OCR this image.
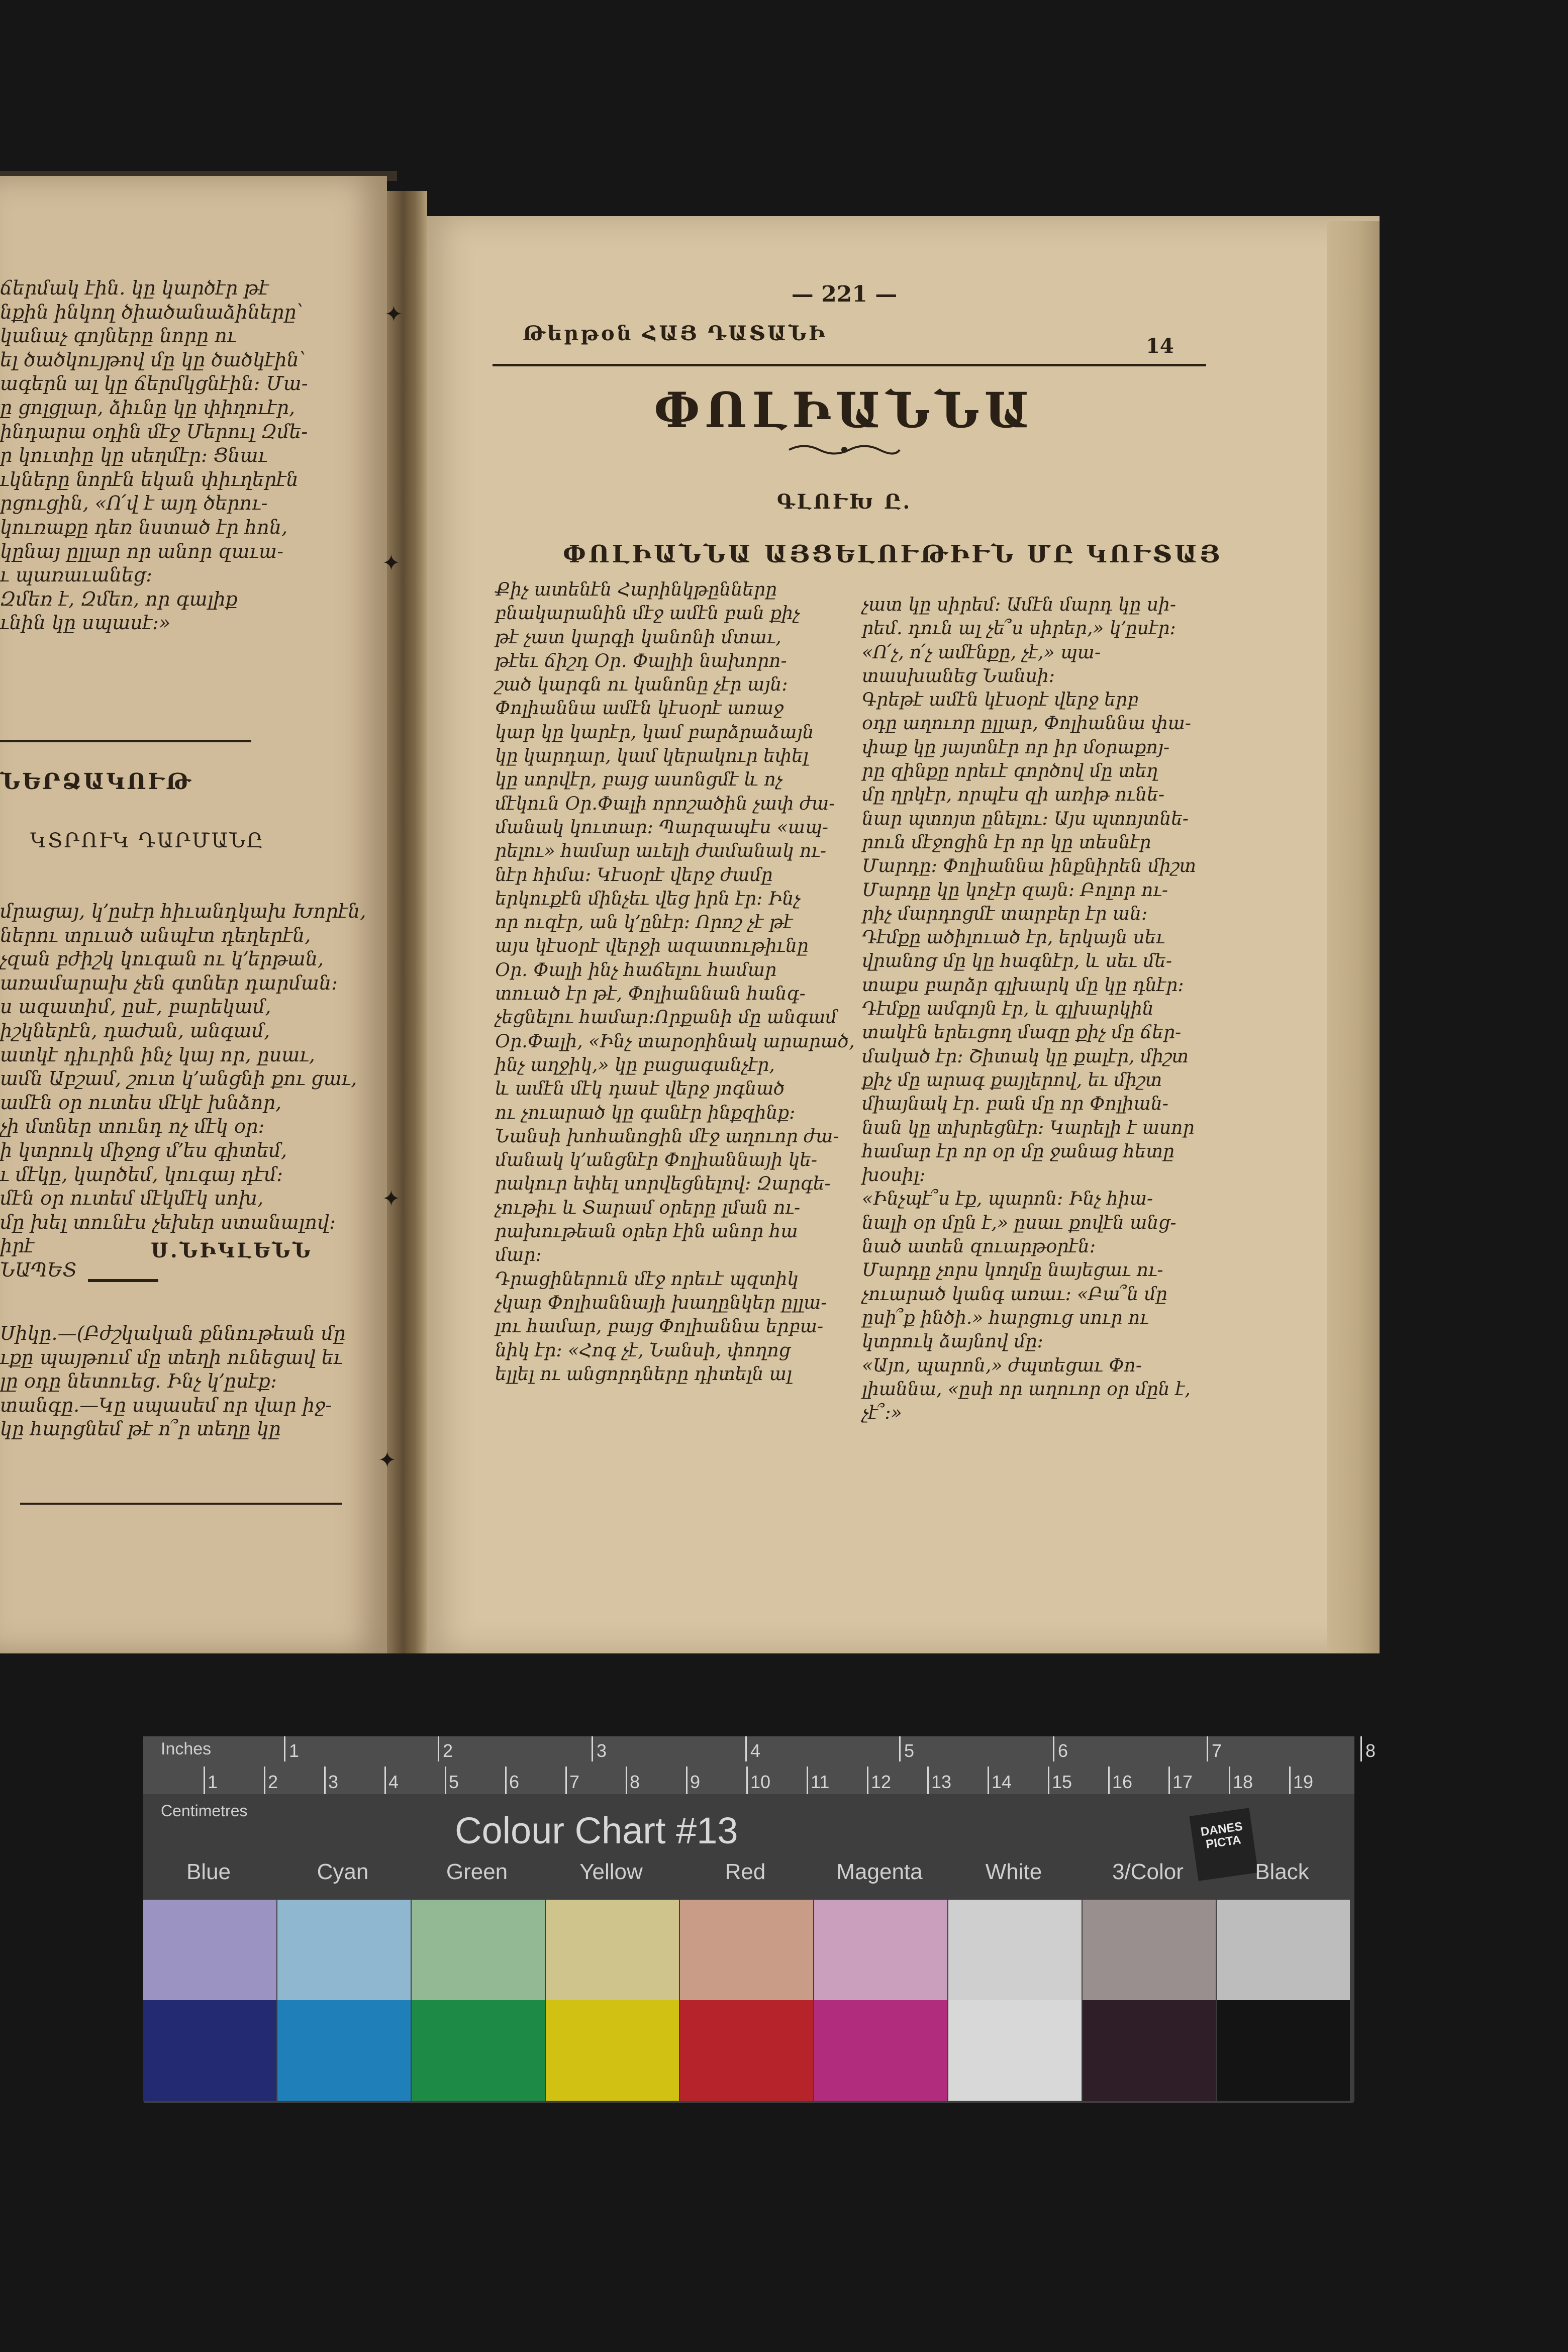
ճերմակ էին. կը կարծէր թէ
նքին ինկող ծիածանաձիները՝
կանաչ գոյները նորը ու
ել ծածկույթով մը կը ծածկէին՝
ագերն ալ կը ճերմկցնէին։ Մա-
ը ցոլցլար, ձիւնը կը փիղուէր,
ինդարա օդին մէջ Մերուլ Զմե-
ր կուտիը կը սեղմէր։ Ցնաւ
ւկները նորէն եկան փիւղերէն
րցուցին, «Ո՛վ է այդ ծերու-
կուռաքը դեռ նստած էր հոն,
կընայ ըլլար որ անոր զաւա-
ւ պառաւանեց։
Զմեռ է, Զմեռ, որ գալիք
ւնին կը սպասէ։»
ՆԵՐՁԱԿՈՒԹ
ԿՏՐՈՒԿ ԴԱՐՄԱՆԸ
մրացայ, կ՚ըսէր հիւանդկախ Խորէն,
ներու տրւած անպէտ դեղերէն,
չզան բժիշկ կուգան ու կ՚երթան,
առամարախ չեն գտներ դարման։
ս ազատիմ, ըսէ, բարեկամ,
իշկներէն, դաժան, անգամ,
ատկէ դիւրին ինչ կայ որ, ըսաւ,
ամն Աբշամ, շուտ կ՚անցնի քու ցաւ,
ամէն օր ուտես մէկէ խնձոր,
չի մտներ տունդ ոչ մէկ օր։
ի կտրուկ միջոց մ՚ես գիտեմ,
ւ մէկը, կարծեմ, կուգայ դէմ։
մէն օր ուտեմ մէկմէկ սոխ,
մը խել տունէս չեխեր ստանալով։
իրէ
ՆԱՊԵՏ
Ս.ՆԻԿԼԵՆՆ
Սիկը.—(Բժշկական քննութեան մը
ւքը պայթում մը տեղի ունեցավ եւ
լը օդը նետուեց. Ինչ կ՚ըսէք։
տանգը.—Կը սպասեմ որ վար իջ-
կը հարցնեմ թէ ո՞ր տեղը կը
✦
✦
✦
✦
— 221 —
Թերթօն ՀԱՅ ԴԱՏԱՆԻ
14
ՓՈԼԻԱՆՆԱ
ԳԼՈՒԽ Ը.
ՓՈԼԻԱՆՆԱ ԱՅՑԵԼՈՒԹԻՒՆ ՄԸ ԿՈՒՏԱՅ
Քիչ ատենէն Հարինկթընները
բնակարանին մէջ ամէն բան քիչ
թէ չատ կարգի կանոնի մտաւ,
թէեւ ճիշդ Օր. Փալիի նախորո-
շած կարգն ու կանոնը չէր այն։
Փոլիաննա ամէն կէսօրէ առաջ
կար կը կարէր, կամ բարձրաձայն
կը կարդար, կամ կերակուր եփել
կը սորվէր, բայց ասոնցմէ և ոչ
մէկուն Օր.Փալի որոշածին չափ ժա-
մանակ կուտար։ Պարզապէս «ապ-
րելու» համար աւելի ժամանակ ու-
նէր հիմա։ Կէսօրէ վերջ ժամը
երկուքէն մինչեւ վեց իրն էր։ Ինչ
որ ուզէր, ան կ՚ընէր։ Որոշ չէ թէ
այս կէսօրէ վերջի ազատութիւնը
Օր. Փալի ինչ հաճելու համար
տուած էր թէ, Փոլիաննան հանգ-
չեցնելու համար։Որքանի մը անգամ
Օր.Փալի, «Ինչ տարօրինակ արարած,
ինչ աղջիկ,» կը բացագանչէր,
և ամէն մէկ դասէ վերջ յոգնած
ու չուարած կը գանէր ինքզինք։
Նանսի խոհանոցին մէջ աղուոր ժա-
մանակ կ՚անցնէր Փոլիաննայի կե-
րակուր եփել սորվեցնելով։ Զարգե-
չութիւ և Տարամ օրերը լման ու-
րախութեան օրեր էին անոր հա
մար։
Դրացիներուն մէջ որեւէ պզտիկ
չկար Փոլիաննայի խաղընկեր ըլլա-
լու համար, բայց Փոլիաննա երբա-
նիկ էր։ «Հոգ չէ, Նանսի, փողոց
ելլել ու անցորդները դիտելն ալ
չատ կը սիրեմ։ Ամէն մարդ կը սի-
րեմ. դուն ալ չե՞ս սիրեր,» կ՚ըսէր։
«Ո՛չ, ո՛չ ամէնքը, չէ,» պա-
տասխանեց Նանսի։
Գրեթէ ամէն կէսօրէ վերջ երբ
օդը աղուոր ըլլար, Փոլիաննա փա-
փաք կը յայտնէր որ իր մօրաքոյ-
րը զինքը որեւէ գործով մը տեղ
մը ղրկէր, որպէս զի առիթ ունե-
նար պտոյտ ընելու։ Այս պտոյտնե-
րուն մէջոցին էր որ կը տեսնէր
Մարդը։ Փոլիաննա ինքնիրեն միշտ
Մարդը կը կոչէր զայն։ Բոլոր ու-
րիչ մարդոցմէ տարբեր էր ան։
Դէմքը ածիլուած էր, երկայն սեւ
վրանոց մը կը հագնէր, և սեւ մե-
տաքս բարձր գլխարկ մը կը դնէր։
Դէմքը ամգոյն էր, և գլխարկին
տակէն երեւցող մազը քիչ մը ճեր-
մակած էր։ Շիտակ կը քալէր, միշտ
քիչ մը արագ քայլերով, եւ միշտ
միայնակ էր. բան մը որ Փոլիան-
նան կը տխրեցնէր։ Կարելի է ասոր
համար էր որ օր մը ջանաց հետը
խօսիլ։
«Ինչպէ՞ս էք, պարոն։ Ինչ հիա-
նալի օր մըն է,» ըսաւ քովէն անց-
նած ատեն զուարթօրէն։
Մարդը չորս կողմը նայեցաւ ու-
չուարած կանգ առաւ։ «Բա՞ն մը
ըսի՞ք ինծի.» հարցուց սուր ու
կտրուկ ձայնով մը։
«Այո, պարոն,» ժպտեցաւ Փո-
լիաննա, «ըսի որ աղուոր օր մըն է,
չէ՞։»
Inches
Centimetres
1	2	3	4	5	6	7	8
1	2	3	4	5	6	7	8	9	10 11 12 13 14 15 16 17 18 19
Colour Chart #13	DANES PICTA
Blue	Cyan	Green	Yellow	Red	Magenta	White	3/Color	Black
